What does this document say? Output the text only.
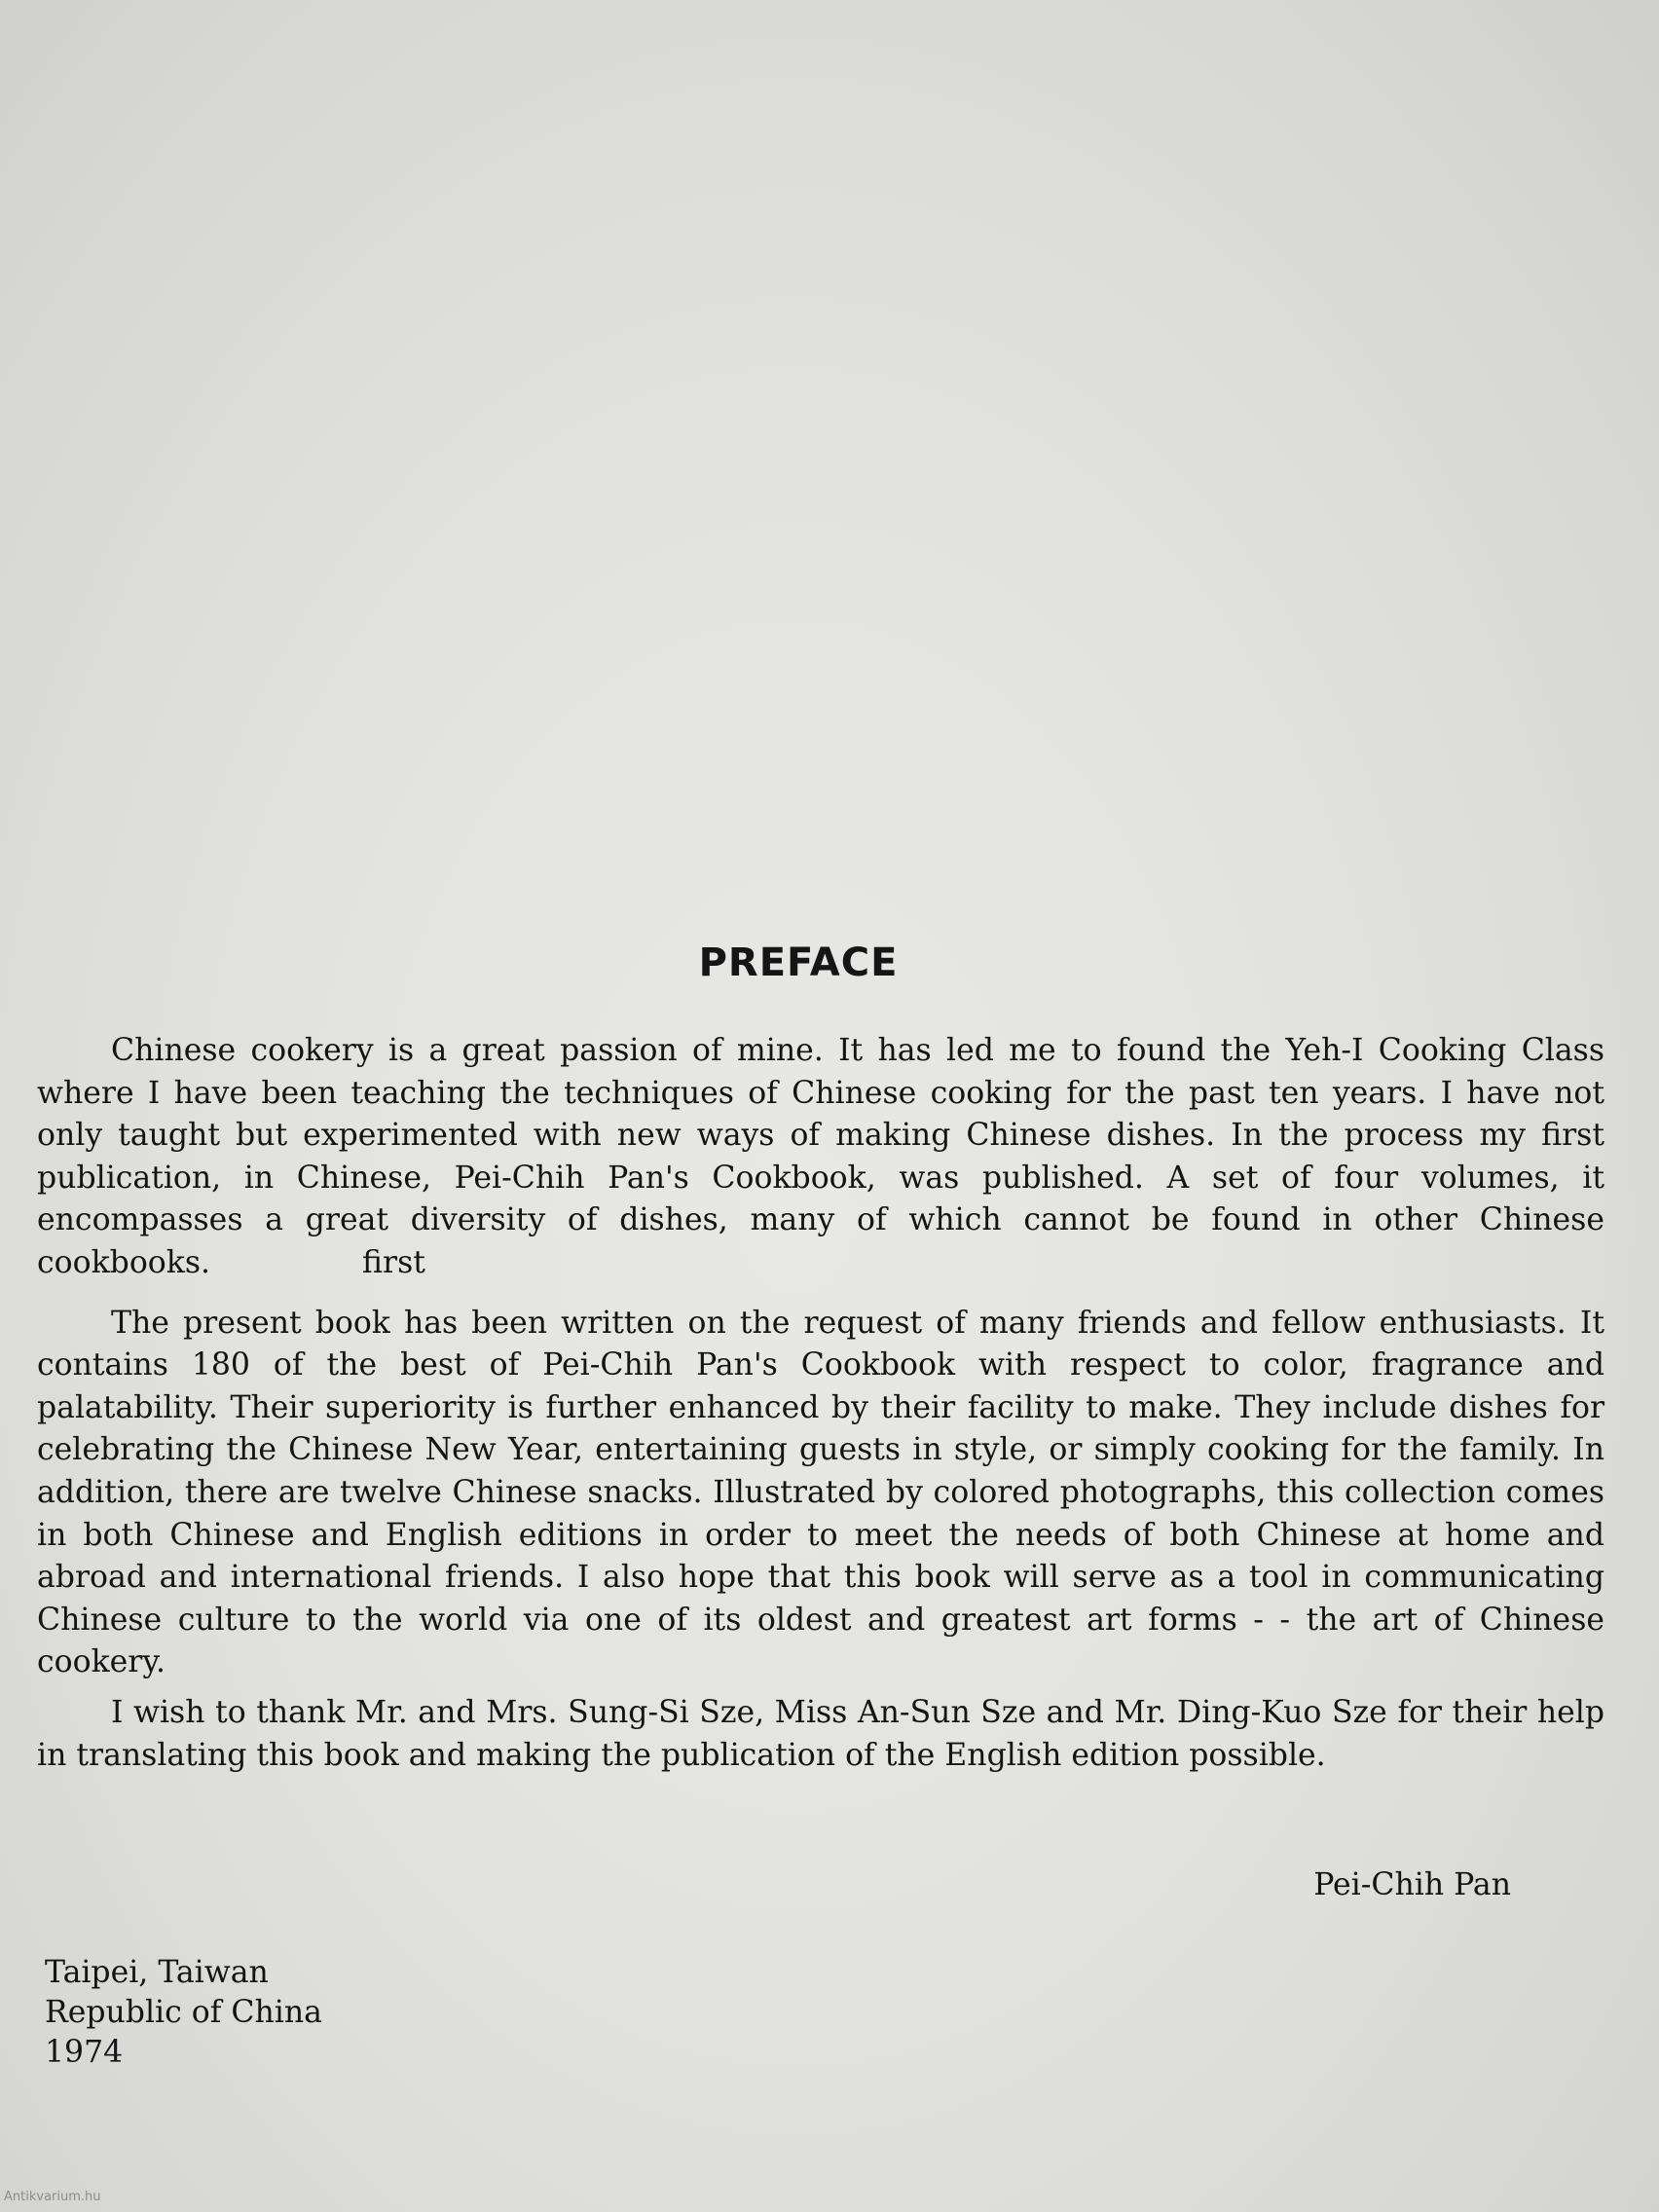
PREFACE

Chinese cookery is a great passion of mine. It has led me to found the Yeh-I Cooking Class where I have been teaching the techniques of Chinese cooking for the past ten years. I have not only taught but experimented with new ways of making Chinese dishes. In the process my first publication, in Chinese, Pei-Chih Pan's Cookbook, was published. A set of four volumes, it encompasses a great diversity of dishes, many of which cannot be found in other Chinese cookbooks.	first

The present book has been written on the request of many friends and fellow enthusiasts. It contains 180 of the best of Pei-Chih Pan's Cookbook with respect to color, fragrance and palatability. Their superiority is further enhanced by their facility to make. They include dishes for celebrating the Chinese New Year, entertaining guests in style, or simply cooking for the family. In addition, there are twelve Chinese snacks. Illustrated by colored photographs, this collection comes in both Chinese and English editions in order to meet the needs of both Chinese at home and abroad and international friends. I also hope that this book will serve as a tool in communicating Chinese culture to the world via one of its oldest and greatest art forms - - the art of Chinese cookery.

I wish to thank Mr. and Mrs. Sung-Si Sze, Miss An-Sun Sze and Mr. Ding-Kuo Sze for their help in translating this book and making the publication of the English edition possible.

Pei-Chih Pan
Taipei, Taiwan
Republic of China
1974
Antikvarium.hu
